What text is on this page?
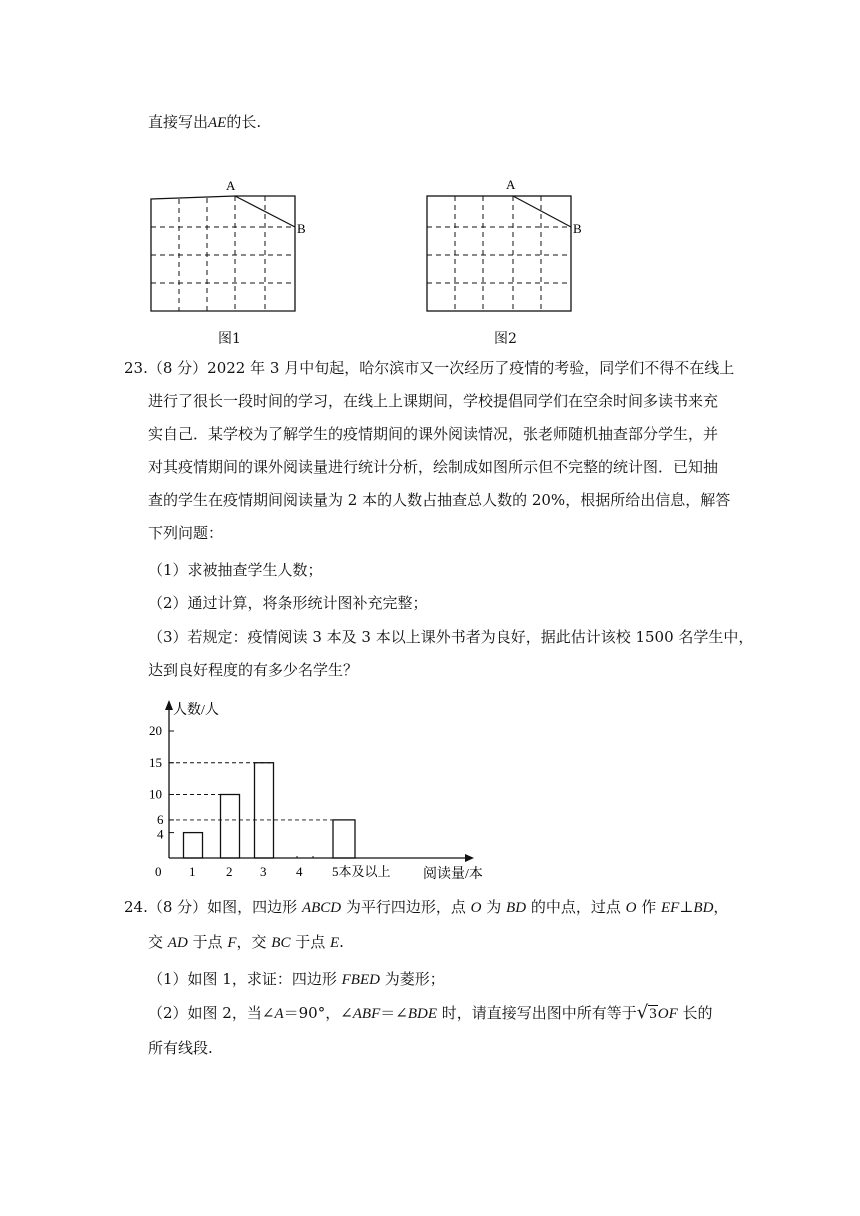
直接写出AE的长.
A
B
图1
A
B
图2
23.（8 分）2022 年 3 月中旬起，哈尔滨市又一次经历了疫情的考验，同学们不得不在线上
进行了很长一段时间的学习，在线上上课期间，学校提倡同学们在空余时间多读书来充
实自己．某学校为了解学生的疫情期间的课外阅读情况，张老师随机抽查部分学生，并
对其疫情期间的课外阅读量进行统计分析，绘制成如图所示但不完整的统计图．已知抽
查的学生在疫情期间阅读量为 2 本的人数占抽查总人数的 20%，根据所给出信息，解答
下列问题：
（1）求被抽查学生人数；
（2）通过计算，将条形统计图补充完整；
（3）若规定：疫情阅读 3 本及 3 本以上课外书者为良好，据此估计该校 1500 名学生中，
达到良好程度的有多少名学生？
人数/人
阅读量/本
0
4
6
10
15
20
1 2 3 4 5本及以上
24.（8 分）如图，四边形 ABCD 为平行四边形，点 O 为 BD 的中点，过点 O 作 EF⊥BD，
交 AD 于点 F，交 BC 于点 E.
（1）如图 1，求证：四边形 FBED 为菱形；
（2）如图 2，当∠A＝90°，∠ABF＝∠BDE 时，请直接写出图中所有等于√3OF 长的
所有线段.
